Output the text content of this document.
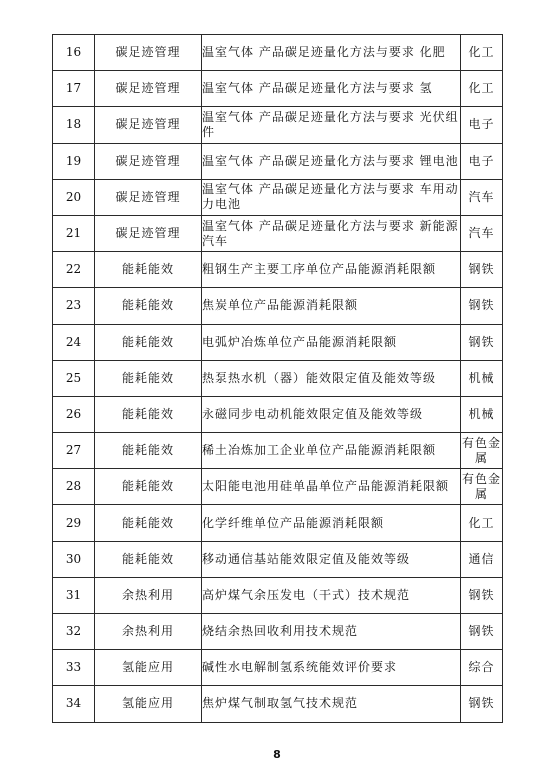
16	碳足迹管理	温室气体 产品碳足迹量化方法与要求 化肥	化工
17	碳足迹管理	温室气体 产品碳足迹量化方法与要求 氢	化工
18	碳足迹管理	温室气体 产品碳足迹量化方法与要求 光伏组件	电子
19	碳足迹管理	温室气体 产品碳足迹量化方法与要求 锂电池	电子
20	碳足迹管理	温室气体 产品碳足迹量化方法与要求 车用动力电池	汽车
21	碳足迹管理	温室气体 产品碳足迹量化方法与要求 新能源汽车	汽车
22	能耗能效	粗钢生产主要工序单位产品能源消耗限额	钢铁
23	能耗能效	焦炭单位产品能源消耗限额	钢铁
24	能耗能效	电弧炉冶炼单位产品能源消耗限额	钢铁
25	能耗能效	热泵热水机（器）能效限定值及能效等级	机械
26	能耗能效	永磁同步电动机能效限定值及能效等级	机械
27	能耗能效	稀土冶炼加工企业单位产品能源消耗限额	有色金属
28	能耗能效	太阳能电池用硅单晶单位产品能源消耗限额	有色金属
29	能耗能效	化学纤维单位产品能源消耗限额	化工
30	能耗能效	移动通信基站能效限定值及能效等级	通信
31	余热利用	高炉煤气余压发电（干式）技术规范	钢铁
32	余热利用	烧结余热回收利用技术规范	钢铁
33	氢能应用	碱性水电解制氢系统能效评价要求	综合
34	氢能应用	焦炉煤气制取氢气技术规范	钢铁
8
